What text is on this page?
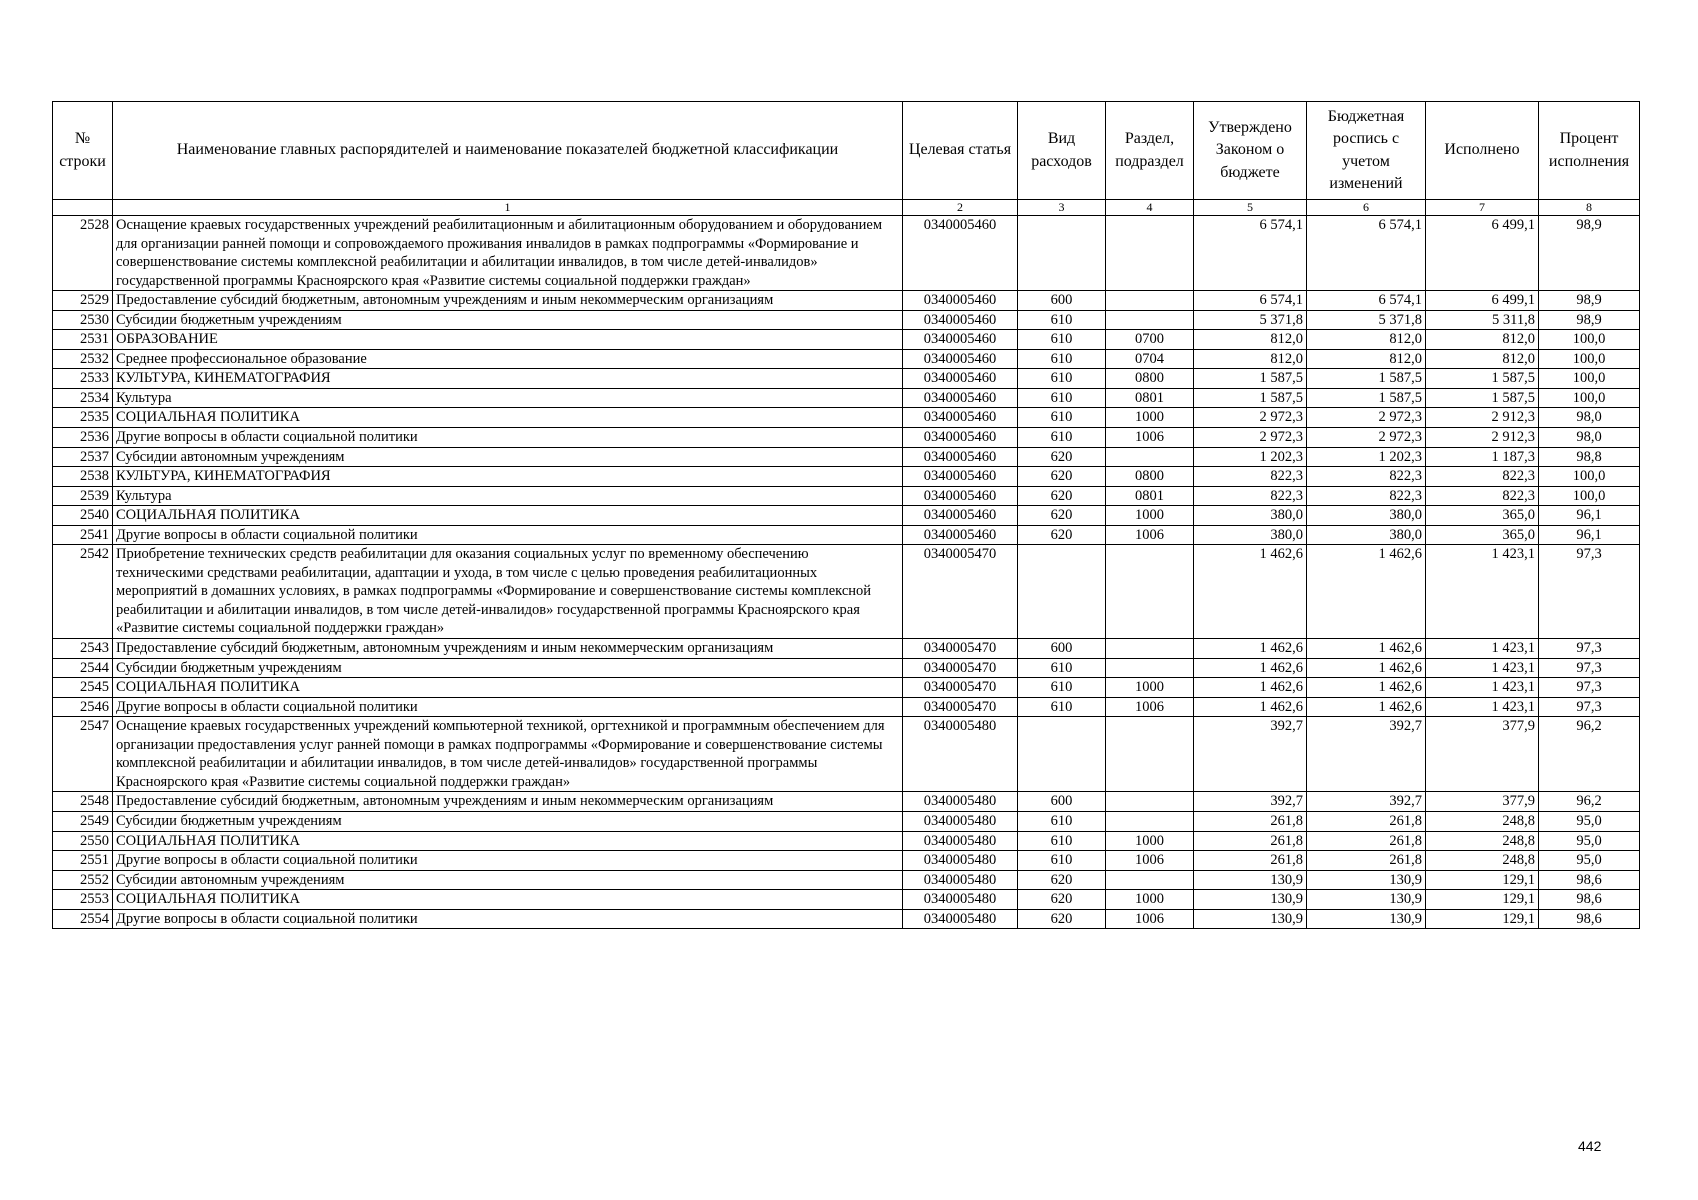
№ строки	Наименование главных распорядителей и наименование показателей бюджетной классификации	Целевая статья	Вид расходов	Раздел, подраздел	Утверждено Законом о бюджете	Бюджетная роспись с учетом изменений	Исполнено	Процент исполнения
	1	2	3	4	5	6	7	8
2528	Оснащение краевых государственных учреждений реабилитационным и абилитационным оборудованием и оборудованием для организации ранней помощи и сопровождаемого проживания инвалидов в рамках подпрограммы «Формирование и совершенствование системы комплексной реабилитации и абилитации инвалидов, в том числе детей-инвалидов» государственной программы Красноярского края «Развитие системы социальной поддержки граждан»	0340005460			6 574,1	6 574,1	6 499,1	98,9
2529	Предоставление субсидий бюджетным, автономным учреждениям и иным некоммерческим организациям	0340005460	600		6 574,1	6 574,1	6 499,1	98,9
2530	Субсидии бюджетным учреждениям	0340005460	610		5 371,8	5 371,8	5 311,8	98,9
2531	ОБРАЗОВАНИЕ	0340005460	610	0700	812,0	812,0	812,0	100,0
2532	Среднее профессиональное образование	0340005460	610	0704	812,0	812,0	812,0	100,0
2533	КУЛЬТУРА, КИНЕМАТОГРАФИЯ	0340005460	610	0800	1 587,5	1 587,5	1 587,5	100,0
2534	Культура	0340005460	610	0801	1 587,5	1 587,5	1 587,5	100,0
2535	СОЦИАЛЬНАЯ ПОЛИТИКА	0340005460	610	1000	2 972,3	2 972,3	2 912,3	98,0
2536	Другие вопросы в области социальной политики	0340005460	610	1006	2 972,3	2 972,3	2 912,3	98,0
2537	Субсидии автономным учреждениям	0340005460	620		1 202,3	1 202,3	1 187,3	98,8
2538	КУЛЬТУРА, КИНЕМАТОГРАФИЯ	0340005460	620	0800	822,3	822,3	822,3	100,0
2539	Культура	0340005460	620	0801	822,3	822,3	822,3	100,0
2540	СОЦИАЛЬНАЯ ПОЛИТИКА	0340005460	620	1000	380,0	380,0	365,0	96,1
2541	Другие вопросы в области социальной политики	0340005460	620	1006	380,0	380,0	365,0	96,1
2542	Приобретение технических средств реабилитации для оказания социальных услуг по временному обеспечению техническими средствами реабилитации, адаптации и ухода, в том числе с целью проведения реабилитационных мероприятий в домашних условиях, в рамках подпрограммы «Формирование и совершенствование системы комплексной реабилитации и абилитации инвалидов, в том числе детей-инвалидов» государственной программы Красноярского края «Развитие системы социальной поддержки граждан»	0340005470			1 462,6	1 462,6	1 423,1	97,3
2543	Предоставление субсидий бюджетным, автономным учреждениям и иным некоммерческим организациям	0340005470	600		1 462,6	1 462,6	1 423,1	97,3
2544	Субсидии бюджетным учреждениям	0340005470	610		1 462,6	1 462,6	1 423,1	97,3
2545	СОЦИАЛЬНАЯ ПОЛИТИКА	0340005470	610	1000	1 462,6	1 462,6	1 423,1	97,3
2546	Другие вопросы в области социальной политики	0340005470	610	1006	1 462,6	1 462,6	1 423,1	97,3
2547	Оснащение краевых государственных учреждений компьютерной техникой, оргтехникой и программным обеспечением для организации предоставления услуг ранней помощи в рамках подпрограммы «Формирование и совершенствование системы комплексной реабилитации и абилитации инвалидов, в том числе детей-инвалидов» государственной программы Красноярского края «Развитие системы социальной поддержки граждан»	0340005480			392,7	392,7	377,9	96,2
2548	Предоставление субсидий бюджетным, автономным учреждениям и иным некоммерческим организациям	0340005480	600		392,7	392,7	377,9	96,2
2549	Субсидии бюджетным учреждениям	0340005480	610		261,8	261,8	248,8	95,0
2550	СОЦИАЛЬНАЯ ПОЛИТИКА	0340005480	610	1000	261,8	261,8	248,8	95,0
2551	Другие вопросы в области социальной политики	0340005480	610	1006	261,8	261,8	248,8	95,0
2552	Субсидии автономным учреждениям	0340005480	620		130,9	130,9	129,1	98,6
2553	СОЦИАЛЬНАЯ ПОЛИТИКА	0340005480	620	1000	130,9	130,9	129,1	98,6
2554	Другие вопросы в области социальной политики	0340005480	620	1006	130,9	130,9	129,1	98,6
442
